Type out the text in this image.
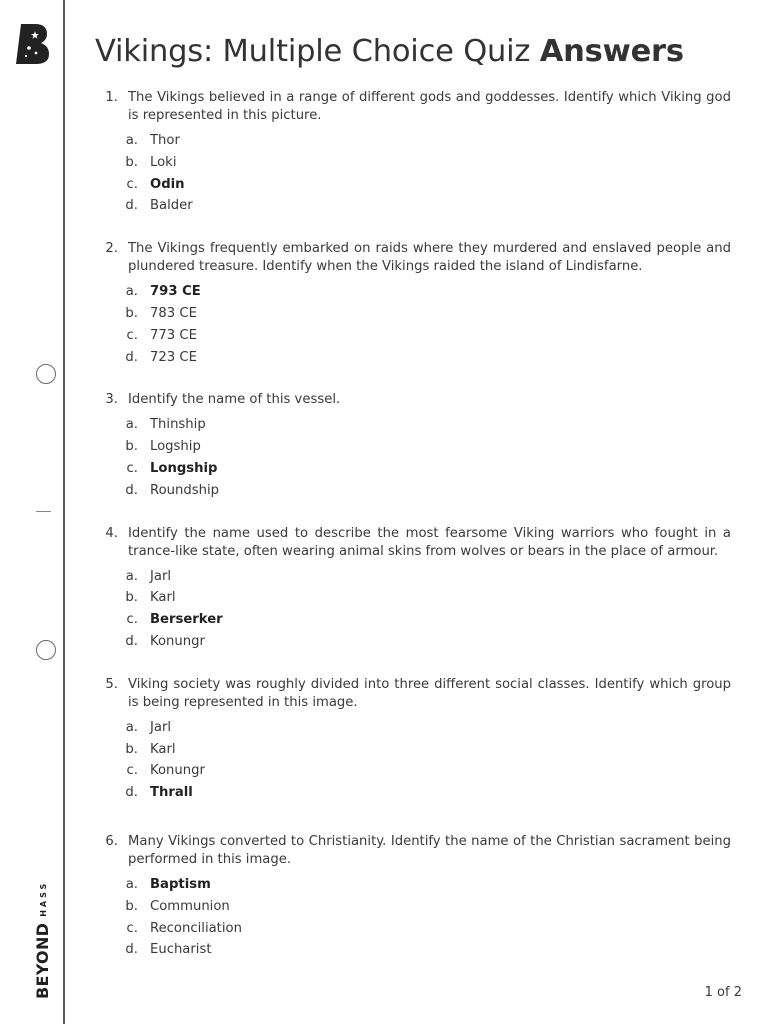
BEYONDHASS
Vikings: Multiple Choice Quiz Answers
1. The Vikings believed in a range of different gods and goddesses. Identify which Viking god is represented in this picture.
a. Thor
b. Loki
c. Odin
d. Balder
2. The Vikings frequently embarked on raids where they murdered and enslaved people and plundered treasure. Identify when the Vikings raided the island of Lindisfarne.
a. 793 CE
b. 783 CE
c. 773 CE
d. 723 CE
3. Identify the name of this vessel.
a. Thinship
b. Logship
c. Longship
d. Roundship
4. Identify the name used to describe the most fearsome Viking warriors who fought in a trance-like state, often wearing animal skins from wolves or bears in the place of armour.
a. Jarl
b. Karl
c. Berserker
d. Konungr
5. Viking society was roughly divided into three different social classes. Identify which group is being represented in this image.
a. Jarl
b. Karl
c. Konungr
d. Thrall
6. Many Vikings converted to Christianity. Identify the name of the Christian sacrament being performed in this image.
a. Baptism
b. Communion
c. Reconciliation
d. Eucharist
1 of 2
